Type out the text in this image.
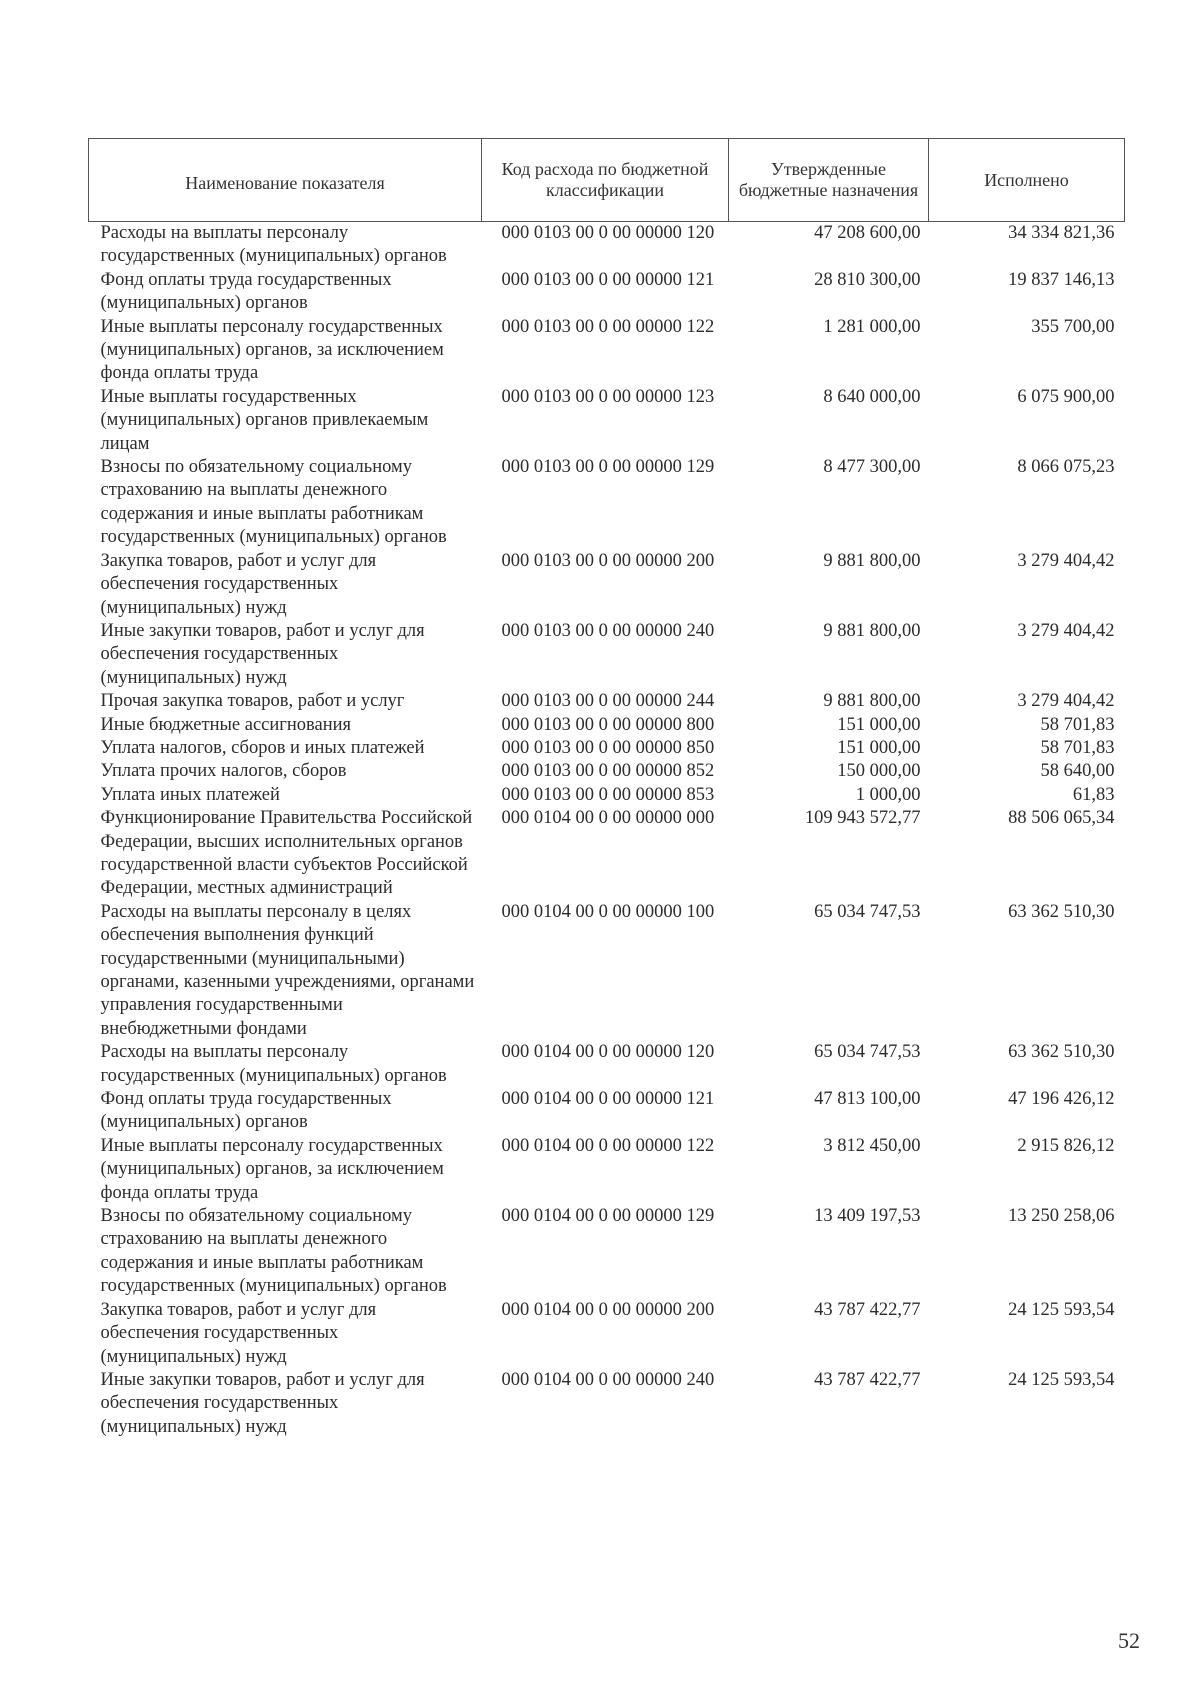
Наименование показателя	Код расхода по бюджетной классификации	Утвержденные бюджетные назначения	Исполнено
Расходы на выплаты персоналу государственных (муниципальных) органов	000 0103 00 0 00 00000 120	47 208 600,00	34 334 821,36
Фонд оплаты труда государственных (муниципальных) органов	000 0103 00 0 00 00000 121	28 810 300,00	19 837 146,13
Иные выплаты персоналу государственных (муниципальных) органов, за исключением фонда оплаты труда	000 0103 00 0 00 00000 122	1 281 000,00	355 700,00
Иные выплаты государственных (муниципальных) органов привлекаемым лицам	000 0103 00 0 00 00000 123	8 640 000,00	6 075 900,00
Взносы по обязательному социальному страхованию на выплаты денежного содержания и иные выплаты работникам государственных (муниципальных) органов	000 0103 00 0 00 00000 129	8 477 300,00	8 066 075,23
Закупка товаров, работ и услуг для обеспечения государственных (муниципальных) нужд	000 0103 00 0 00 00000 200	9 881 800,00	3 279 404,42
Иные закупки товаров, работ и услуг для обеспечения государственных (муниципальных) нужд	000 0103 00 0 00 00000 240	9 881 800,00	3 279 404,42
Прочая закупка товаров, работ и услуг	000 0103 00 0 00 00000 244	9 881 800,00	3 279 404,42
Иные бюджетные ассигнования	000 0103 00 0 00 00000 800	151 000,00	58 701,83
Уплата налогов, сборов и иных платежей	000 0103 00 0 00 00000 850	151 000,00	58 701,83
Уплата прочих налогов, сборов	000 0103 00 0 00 00000 852	150 000,00	58 640,00
Уплата иных платежей	000 0103 00 0 00 00000 853	1 000,00	61,83
Функционирование Правительства Российской Федерации, высших исполнительных органов государственной власти субъектов Российской Федерации, местных администраций	000 0104 00 0 00 00000 000	109 943 572,77	88 506 065,34
Расходы на выплаты персоналу в целях обеспечения выполнения функций государственными (муниципальными) органами, казенными учреждениями, органами управления государственными внебюджетными фондами	000 0104 00 0 00 00000 100	65 034 747,53	63 362 510,30
Расходы на выплаты персоналу государственных (муниципальных) органов	000 0104 00 0 00 00000 120	65 034 747,53	63 362 510,30
Фонд оплаты труда государственных (муниципальных) органов	000 0104 00 0 00 00000 121	47 813 100,00	47 196 426,12
Иные выплаты персоналу государственных (муниципальных) органов, за исключением фонда оплаты труда	000 0104 00 0 00 00000 122	3 812 450,00	2 915 826,12
Взносы по обязательному социальному страхованию на выплаты денежного содержания и иные выплаты работникам государственных (муниципальных) органов	000 0104 00 0 00 00000 129	13 409 197,53	13 250 258,06
Закупка товаров, работ и услуг для обеспечения государственных (муниципальных) нужд	000 0104 00 0 00 00000 200	43 787 422,77	24 125 593,54
Иные закупки товаров, работ и услуг для обеспечения государственных (муниципальных) нужд	000 0104 00 0 00 00000 240	43 787 422,77	24 125 593,54
52
